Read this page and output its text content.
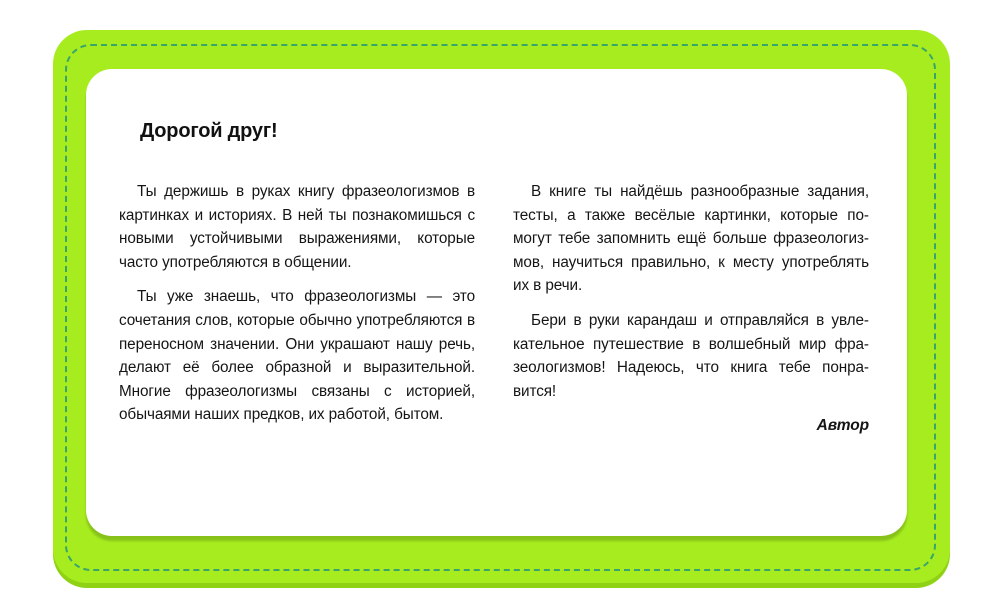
Дорогой друг!

Ты держишь в руках книгу фразеологизмов в картинках и историях. В ней ты познакомишься с новыми устойчивыми выражениями, которые часто употребляются в общении.

Ты уже знаешь, что фразеологизмы — это сочетания слов, которые обычно употребляются в переносном значении. Они украшают нашу речь, делают её более образной и выразительной. Многие фразеологизмы связаны с историей, обычаями наших предков, их работой, бытом.

В книге ты найдёшь разнообразные задания, тесты, а также весёлые картинки, которые помогут тебе запомнить ещё больше фразеологизмов, научиться правильно, к месту употреблять их в речи.

Бери в руки карандаш и отправляйся в увлекательное путешествие в волшебный мир фразеологизмов! Надеюсь, что книга тебе понравится!

Автор
